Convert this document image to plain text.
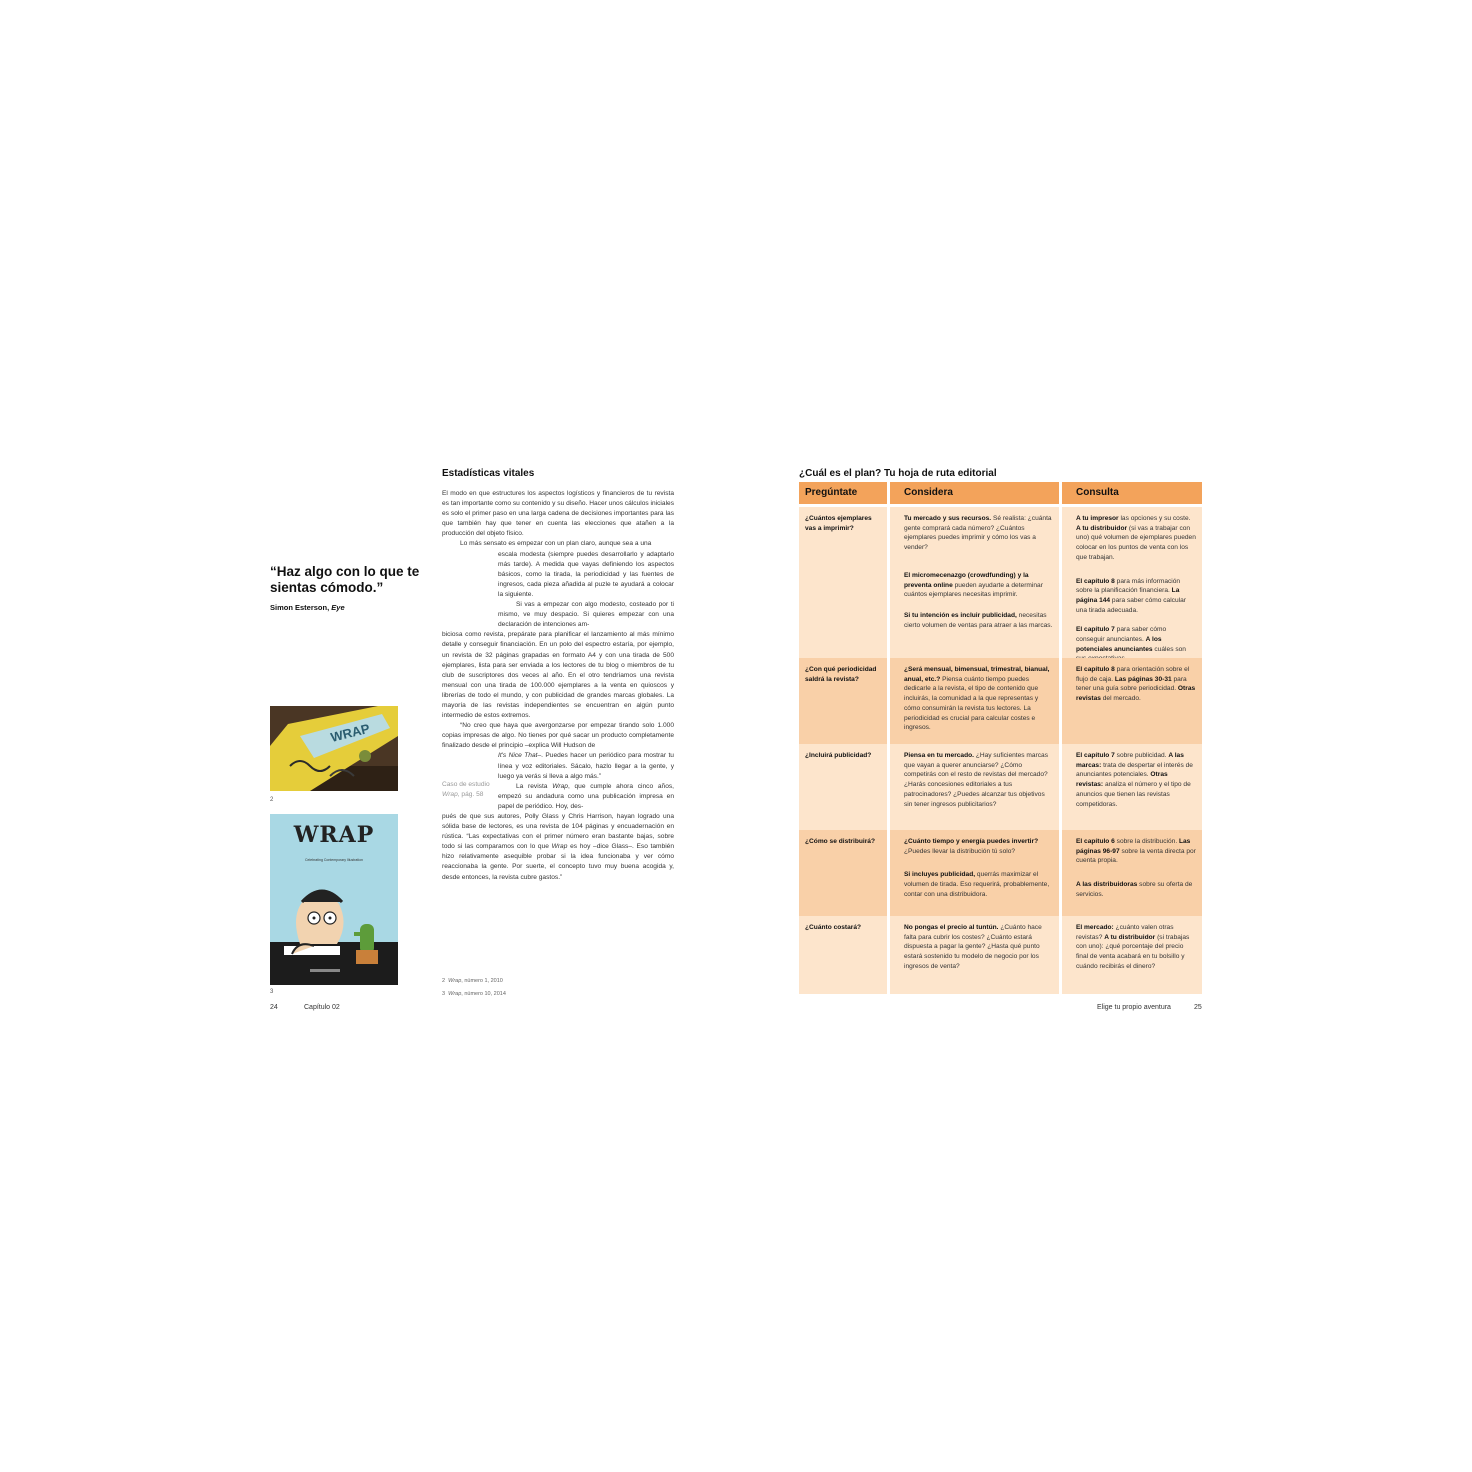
“Haz algo con lo que te sientas cómodo.”
Simon Esterson, Eye
WRAP
2
WRAP
Celebrating Contemporary Illustration
3
Estadísticas vitales

El modo en que estructures los aspectos logísticos y financieros de tu revista es tan importante como su contenido y su diseño. Hacer unos cálculos iniciales es solo el primer paso en una larga cadena de decisiones importantes para las que también hay que tener en cuenta las elecciones que atañen a la producción del objeto físico.

Lo más sensato es empezar con un plan claro, aunque sea a una

escala modesta (siempre puedes desarrollarlo y adaptarlo más tarde). A medida que vayas definiendo los aspectos básicos, como la tirada, la periodicidad y las fuentes de ingresos, cada pieza añadida al puzle te ayudará a colocar la siguiente.

Si vas a empezar con algo modesto, costeado por ti mismo, ve muy despacio. Si quieres empezar con una declaración de intenciones am-

biciosa como revista, prepárate para planificar el lanzamiento al más mínimo detalle y conseguir financiación. En un polo del espectro estaría, por ejemplo, un revista de 32 páginas grapadas en formato A4 y con una tirada de 500 ejemplares, lista para ser enviada a los lectores de tu blog o miembros de tu club de suscriptores dos veces al año. En el otro tendríamos una revista mensual con una tirada de 100.000 ejemplares a la venta en quioscos y librerías de todo el mundo, y con publicidad de grandes marcas globales. La mayoría de las revistas independientes se encuentran en algún punto intermedio de estos extremos.

“No creo que haya que avergonzarse por empezar tirando solo 1.000 copias impresas de algo. No tienes por qué sacar un producto completamente finalizado desde el principio –explica Will Hudson de

It's Nice That–. Puedes hacer un periódico para mostrar tu línea y voz editoriales. Sácalo, hazlo llegar a la gente, y luego ya verás si lleva a algo más.”

La revista Wrap, que cumple ahora cinco años, empezó su andadura como una publicación impresa en papel de periódico. Hoy, des-

pués de que sus autores, Polly Glass y Chris Harrison, hayan logrado una sólida base de lectores, es una revista de 104 páginas y encuadernación en rústica. “Las expectativas con el primer número eran bastante bajas, sobre todo si las comparamos con lo que Wrap es hoy –dice Glass–. Eso también hizo relativamente asequible probar si la idea funcionaba y ver cómo reaccionaba la gente. Por suerte, el concepto tuvo muy buena acogida y, desde entonces, la revista cubre gastos.”

Caso de estudio Wrap, pág. 58
2 Wrap, número 1, 2010
3 Wrap, número 10, 2014
24	Capítulo 02
¿Cuál es el plan? Tu hoja de ruta editorial
Pregúntate
¿Cuántos ejemplares vas a imprimir?
¿Con qué periodicidad saldrá la revista?
¿Incluirá publicidad?
¿Cómo se distribuirá?
¿Cuánto costará?
Considera

Tu mercado y sus recursos. Sé realista: ¿cuánta gente comprará cada número? ¿Cuántos ejemplares puedes imprimir y cómo los vas a vender?

El micromecenazgo (crowdfunding) y la preventa online pueden ayudarte a determinar cuántos ejemplares necesitas imprimir.

Si tu intención es incluir publicidad, necesitas cierto volumen de ventas para atraer a las marcas.

¿Será mensual, bimensual, trimestral, bianual, anual, etc.? Piensa cuánto tiempo puedes dedicarle a la revista, el tipo de contenido que incluirás, la comunidad a la que representas y cómo consumirán la revista tus lectores. La periodicidad es crucial para calcular costes e ingresos.

Piensa en tu mercado. ¿Hay suficientes marcas que vayan a querer anunciarse? ¿Cómo competirás con el resto de revistas del mercado? ¿Harás concesiones editoriales a tus patrocinadores? ¿Puedes alcanzar tus objetivos sin tener ingresos publicitarios?

¿Cuánto tiempo y energía puedes invertir? ¿Puedes llevar la distribución tú solo?

Si incluyes publicidad, querrás maximizar el volumen de tirada. Eso requerirá, probablemente, contar con una distribuidora.

No pongas el precio al tuntún. ¿Cuánto hace falta para cubrir los costes? ¿Cuánto estará dispuesta a pagar la gente? ¿Hasta qué punto estará sostenido tu modelo de negocio por los ingresos de venta?

Consulta

A tu impresor las opciones y su coste. A tu distribuidor (si vas a trabajar con uno) qué volumen de ejemplares pueden colocar en los puntos de venta con los que trabajan.

El capítulo 8 para más información sobre la planificación financiera. La página 144 para saber cómo calcular una tirada adecuada.

El capítulo 7 para saber cómo conseguir anunciantes. A los potenciales anunciantes cuáles son

El capítulo 8 para orientación sobre el flujo de caja. Las páginas 30-31 para tener una guía sobre periodicidad. Otras revistas del mercado.

El capítulo 7 sobre publicidad. A las marcas: trata de despertar el interés de anunciantes potenciales. Otras revistas: analiza el número y el tipo de anuncios que tienen las revistas competidoras.

El capítulo 6 sobre la distribución. Las páginas 96-97 sobre la venta directa por cuenta propia.

A las distribuidoras sobre su oferta de servicios.

El mercado: ¿cuánto valen otras revistas? A tu distribuidor (si trabajas con uno): ¿qué porcentaje del precio final de venta acabará en tu bolsillo y cuándo recibirás el dinero?

Elige tu propio aventura	25
